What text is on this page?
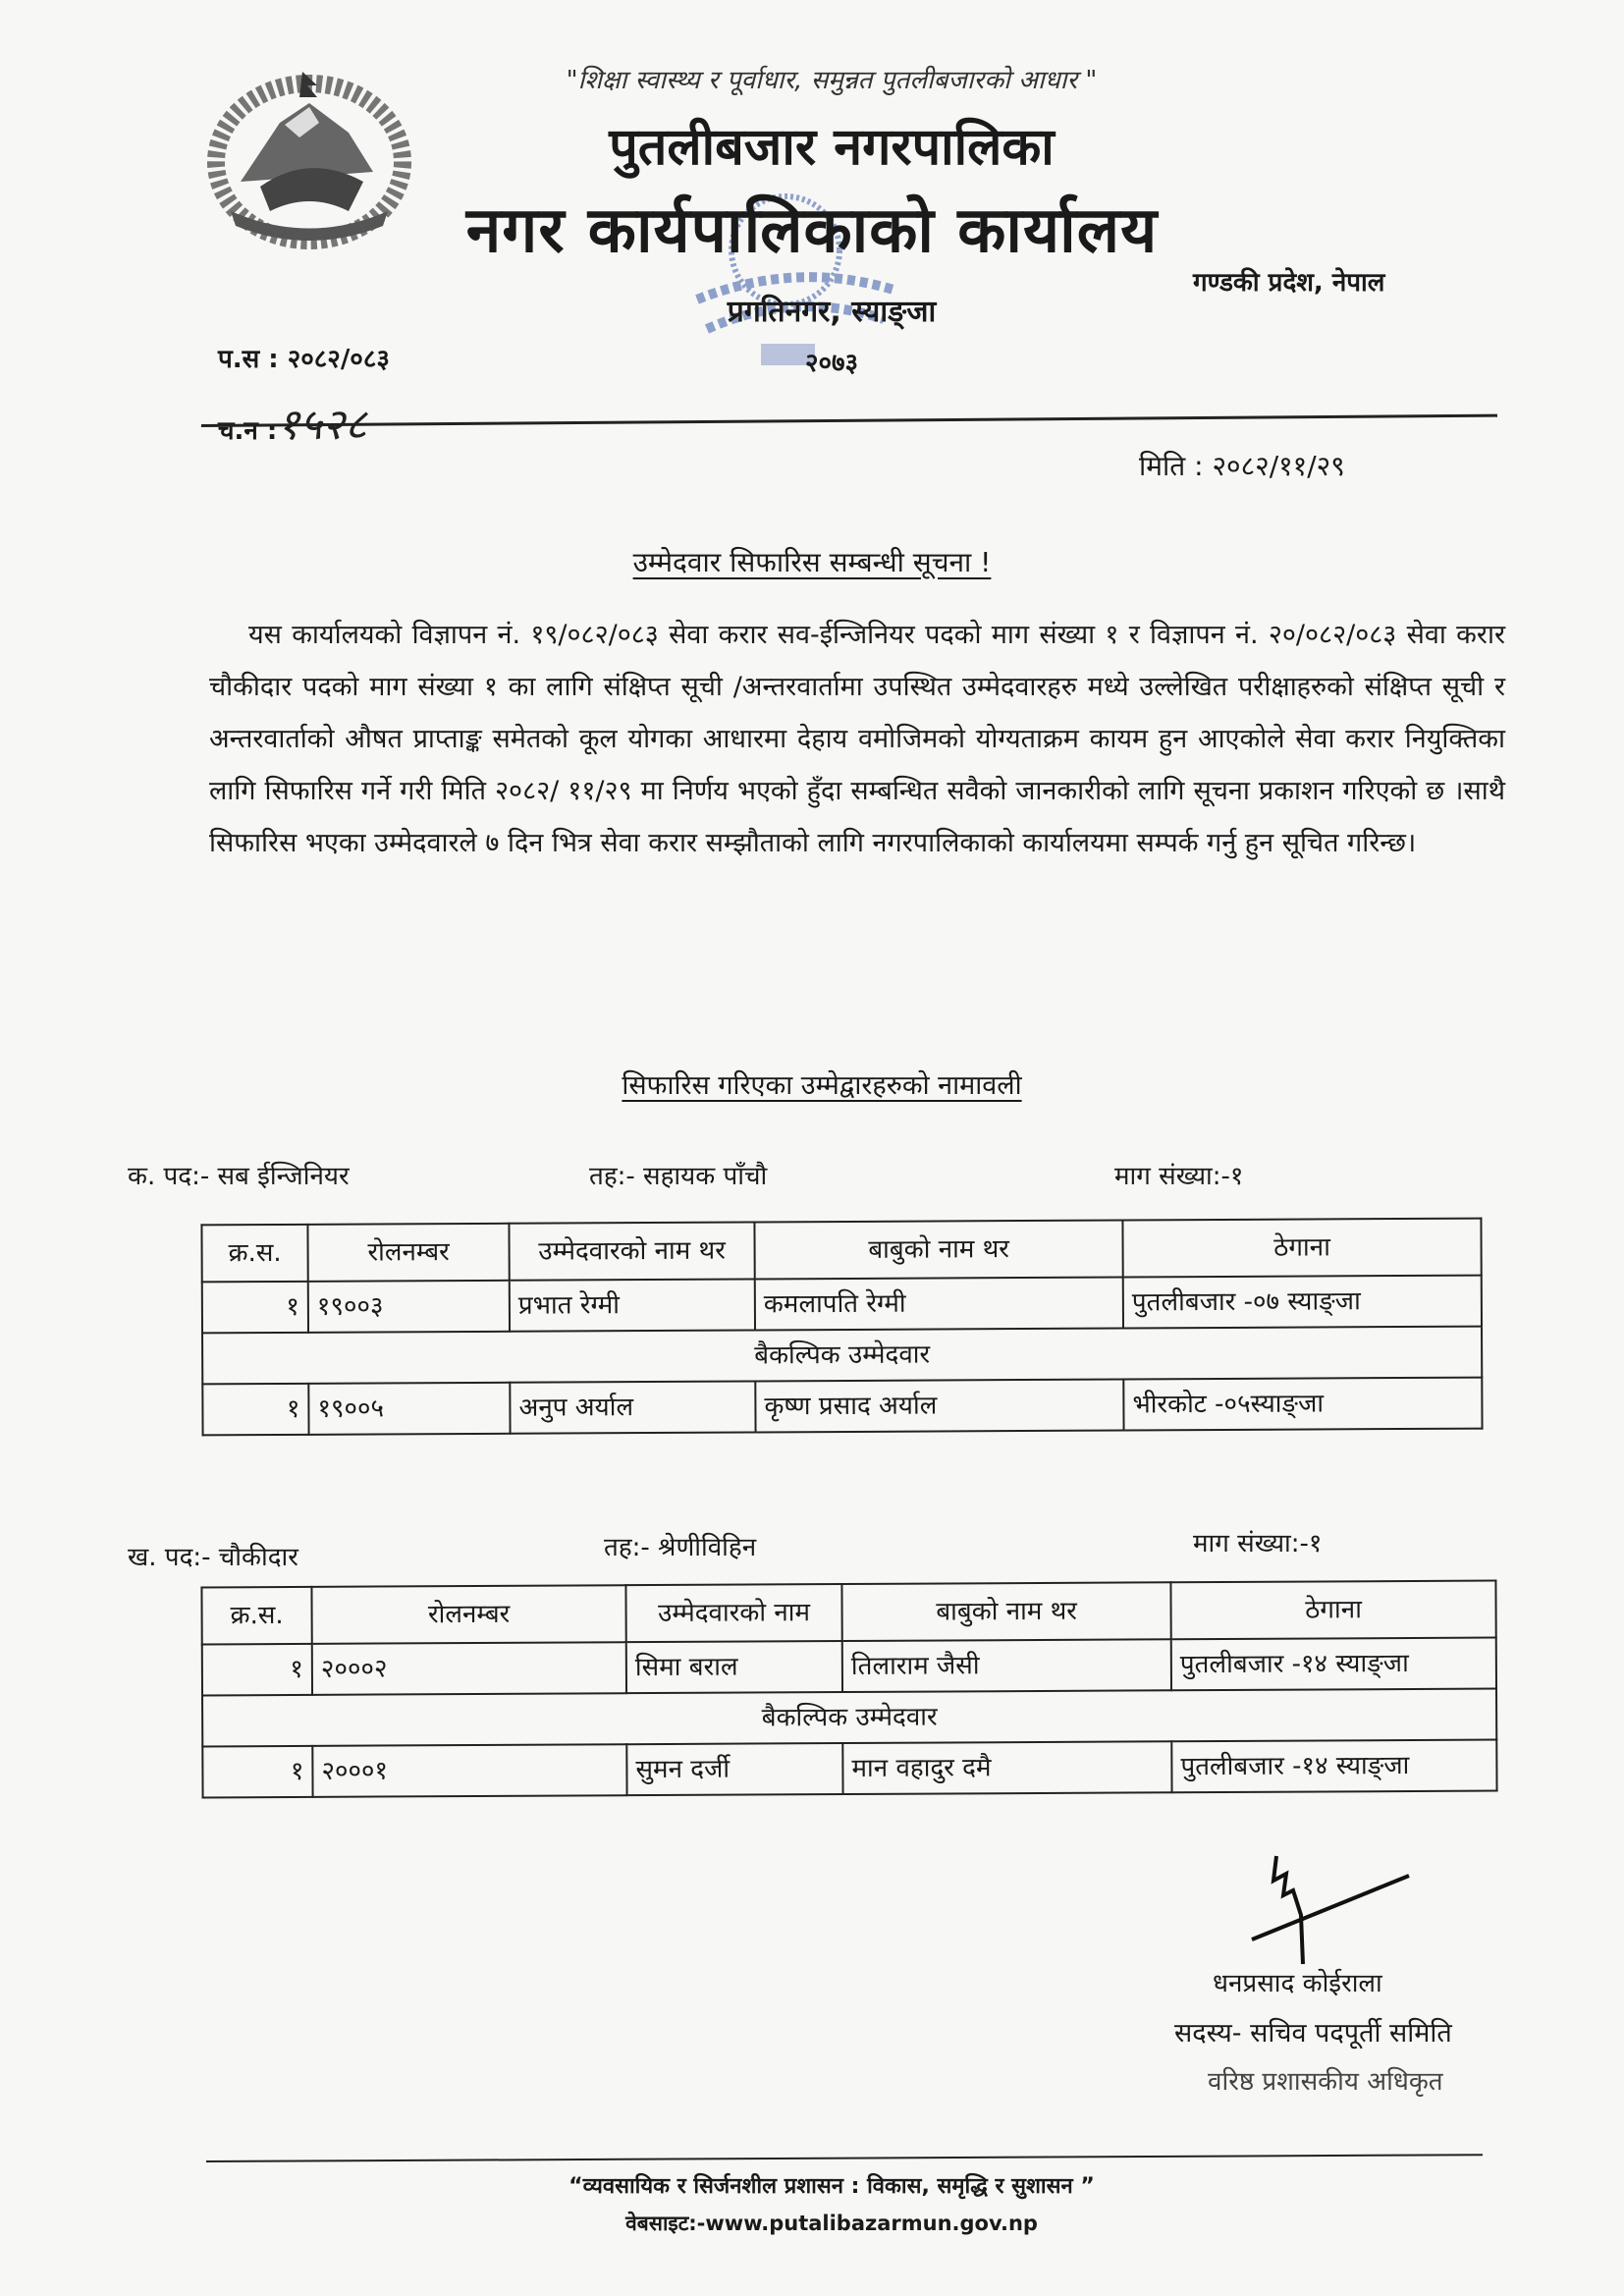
"शिक्षा स्वास्थ्य र पूर्वाधार, समुन्नत पुतलीबजारको आधार "
पुतलीबजार नगरपालिका
नगर कार्यपालिकाको कार्यालय
गण्डकी प्रदेश, नेपाल
प्रगतिनगर, स्याङ्जा
२०७३
प.स : २०८२/०८३
च.न :१५२८
मिति : २०८२/११/२९
उम्मेदवार सिफारिस सम्बन्धी सूचना !
यस कार्यालयको विज्ञापन नं. १९/०८२/०८३ सेवा करार सव-ईन्जिनियर पदको माग संख्या १ र विज्ञापन नं. २०/०८२/०८३ सेवा करार चौकीदार पदको माग संख्या १ का लागि संक्षिप्त सूची /अन्तरवार्तामा उपस्थित उम्मेदवारहरु मध्ये उल्लेखित परीक्षाहरुको संक्षिप्त सूची र अन्तरवार्ताको औषत प्राप्ताङ्क समेतको कूल योगका आधारमा देहाय वमोजिमको योग्यताक्रम कायम हुन आएकोले सेवा करार नियुक्तिका लागि सिफारिस गर्ने गरी मिति २०८२/ ११/२९ मा निर्णय भएको हुँदा सम्बन्धित सवैको जानकारीको लागि सूचना प्रकाशन गरिएको छ ।साथै सिफारिस भएका उम्मेदवारले ७ दिन भित्र सेवा करार सम्झौताको लागि नगरपालिकाको कार्यालयमा सम्पर्क गर्नु हुन सूचित गरिन्छ।
सिफारिस गरिएका उम्मेद्वारहरुको नामावली
क. पद:- सब ईन्जिनियर	तह:- सहायक पाँचौ	माग संख्या:-१
क्र.स.	रोलनम्बर	उम्मेदवारको नाम थर	बाबुको नाम थर	ठेगाना
१	१९००३	प्रभात रेग्मी	कमलापति रेग्मी	पुतलीबजार -०७ स्याङ्जा
बैकल्पिक उम्मेदवार				
१	१९००५	अनुप अर्याल	कृष्ण प्रसाद अर्याल	भीरकोट -०५स्याङ्जा
ख. पद:- चौकीदार	तह:- श्रेणीविहिन	माग संख्या:-१
क्र.स.	रोलनम्बर	उम्मेदवारको नाम	बाबुको नाम थर	ठेगाना
१	२०००२	सिमा बराल	तिलाराम जैसी	पुतलीबजार -१४ स्याङ्जा
बैकल्पिक उम्मेदवार				
१	२०००१	सुमन दर्जी	मान वहादुर दमै	पुतलीबजार -१४ स्याङ्जा
धनप्रसाद कोईराला
सदस्य- सचिव पदपूर्ती समिति
वरिष्ठ प्रशासकीय अधिकृत
“व्यवसायिक र सिर्जनशील प्रशासन : विकास, समृद्धि र सुशासन ”
वेबसाइट:-www.putalibazarmun.gov.np
